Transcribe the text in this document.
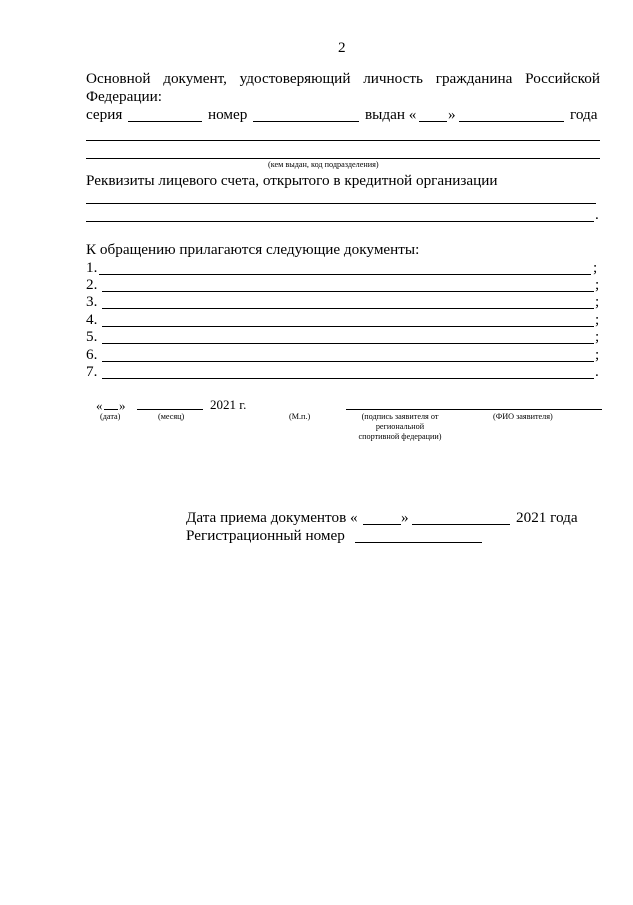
2
Основной документ, удостоверяющий личность гражданина Российской
Федерации:
серия	номер	выдан « »	года
(кем выдан, код подразделения)
Реквизиты лицевого счета, открытого в кредитной организации
.
К обращению прилагаются следующие документы:
1.	;
2.	;
3.	;
4.	;
5.	;
6.	;
7.	.
« »	2021 г.
(дата)	(месяц)	(М.п.)	(подпись заявителя от
региональной
спортивной федерации)
(ФИО заявителя)
Дата приема документов «	»	2021 года
Регистрационный номер
